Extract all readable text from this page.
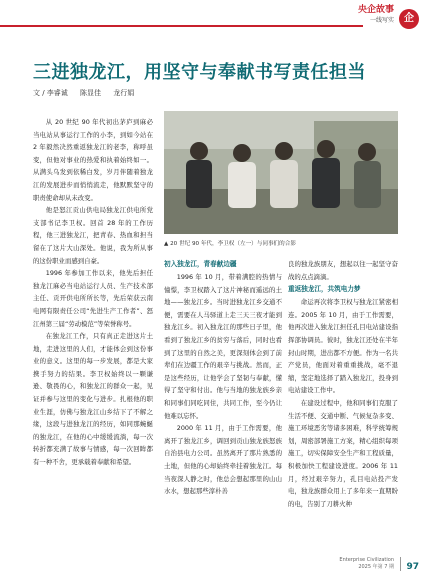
央企故事
一线写实	企
三进独龙江，用坚守与奉献书写责任担当
文 / 李睿诚 陈显佳 龙行娟

从 20 世纪 90 年代初出茅庐到麻必当电站从事运行工作的小李，到如今站在 2 年毅然决然重返独龙江的老李，称呼虽变，但他对事业的热爱和执着始终如一。从满头乌发到依稀白发，岁月伴随着独龙江的发展进步而悄悄流走，他默默坚守的职责使命却从未改变。

他是怒江贡山供电局独龙江供电所党支部书记李卫权。回首 28 年的工作历程，他三进独龙江，把青春、热血和担当留在了这片大山深处。他说，我为所从事的这份职业而感到自豪。

1996 年参加工作以来，他先后担任独龙江麻必当电站运行人员、生产技术部主任、贡开供电所所长等，先后荣获云南电网有限责任公司“先进生产工作者”、怒江州第三届“劳动模范”等荣誉称号。

在独龙江工作，只有真正走进这片土地，走进这里的人们，才能体会到这份事业的意义。这里的每一步发展，都是大家携手努力的结果。李卫权始终以一颗谦逊、敬畏的心，和独龙江的群众一起，见证并参与这里的变化与进步。扎根他的职业生涯，仿佛与独龙江山乡结下了不解之缘，这段与进独龙江的经历，如同那蜿蜒的独龙江，在他的心中缓缓流淌，每一次转折都充满了故事与情感，每一次回眸都有一种不舍，更承载着奉献和希望。

▲ 20 世纪 90 年代，李卫权（左一）与同事们的合影

初入独龙江，青春献边疆

1996 年 10 月，带着满腔的热情与憧憬，李卫权踏入了这片神秘而遥远的土地——独龙江乡。当时进独龙江乡交通不便，需要在人马驿道上走三天三夜才能到独龙江乡。初入独龙江的那些日子里，他看到了独龙江乡的贫穷与落后，同时也看到了这里的自然之美，更深刻体会到了前辈们在边疆工作的艰辛与挑战。然而，正是这些经历，让他学会了坚韧与奉献，懂得了坚守和付出。他与当地的独龙族乡亲和同事们同吃同住，共同工作，至今仍让他难以忘怀。

2000 年 11 月，由于工作需要，他离开了独龙江乡，调回到贡山独龙族怒族自治县电力公司。虽然离开了那片熟悉的土地，但他的心却始终牵挂着独龙江。每当夜深人静之时，他总会想起那里的山山水水，想起那些淳朴善

良的独龙族朋友，想起以往一起坚守奋战的点点滴滴。

重返独龙江，共筑电力梦

命运再次将李卫权与独龙江紧密相连。2005 年 10 月，由于工作需要，他再次进入独龙江担任孔目电站建设指挥部协调员。彼时，独龙江还处在半年封山时期，进出都不方便。作为一名共产党员，他面对着重重挑战，毫不退缩，坚定地选择了踏入独龙江，投身到电站建设工作中。

在建设过程中，他和同事们克服了生活不便、交通中断、气候复杂多变、施工环境恶劣等诸多困难，科学统筹规划，周密部署施工方案，精心组织每项施工，切实保障安全生产和工程质量，积极加快工程建设进度。2006 年 11 月，经过艰辛努力，孔目电站投产发电，独龙族群众用上了多年来一直期盼的电，告别了刀耕火种

Enterprise Civilization
2025 年第 7 期 97
